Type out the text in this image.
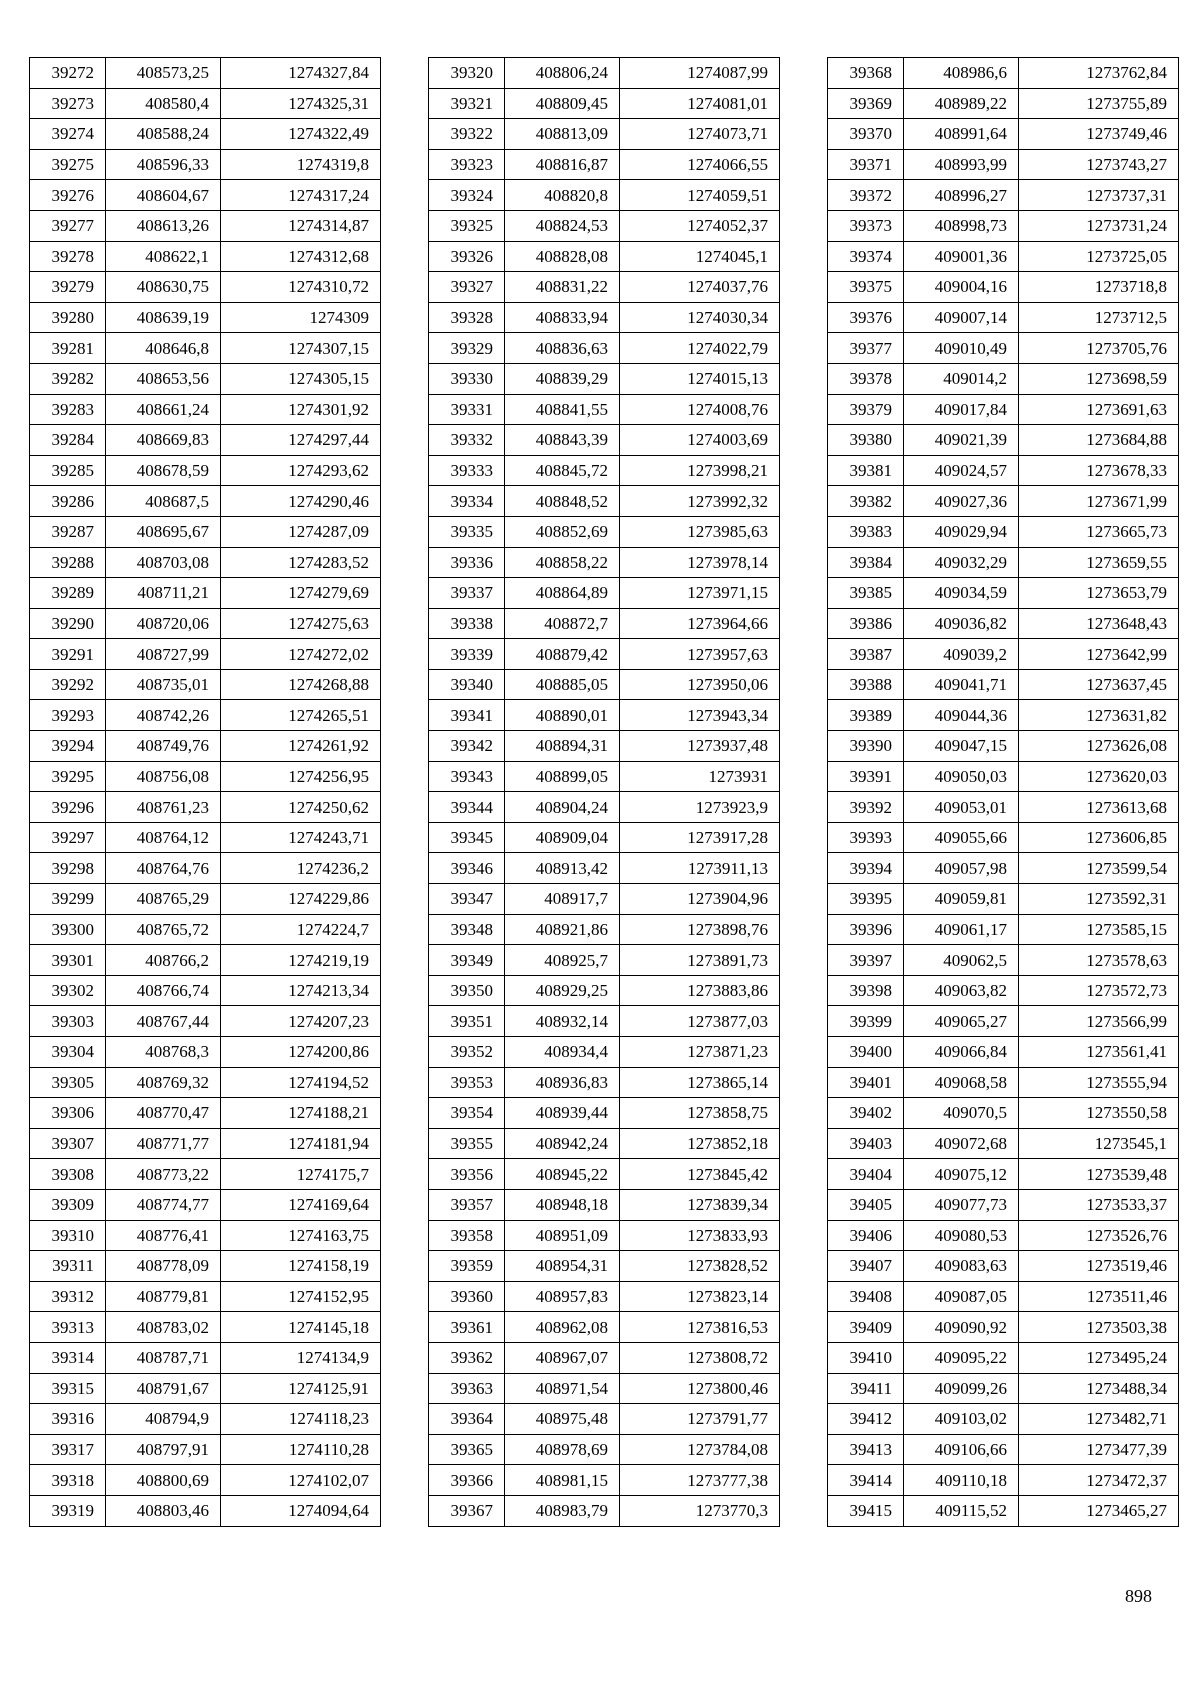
39272	408573,25	1274327,84
39273	408580,4	1274325,31
39274	408588,24	1274322,49
39275	408596,33	1274319,8
39276	408604,67	1274317,24
39277	408613,26	1274314,87
39278	408622,1	1274312,68
39279	408630,75	1274310,72
39280	408639,19	1274309
39281	408646,8	1274307,15
39282	408653,56	1274305,15
39283	408661,24	1274301,92
39284	408669,83	1274297,44
39285	408678,59	1274293,62
39286	408687,5	1274290,46
39287	408695,67	1274287,09
39288	408703,08	1274283,52
39289	408711,21	1274279,69
39290	408720,06	1274275,63
39291	408727,99	1274272,02
39292	408735,01	1274268,88
39293	408742,26	1274265,51
39294	408749,76	1274261,92
39295	408756,08	1274256,95
39296	408761,23	1274250,62
39297	408764,12	1274243,71
39298	408764,76	1274236,2
39299	408765,29	1274229,86
39300	408765,72	1274224,7
39301	408766,2	1274219,19
39302	408766,74	1274213,34
39303	408767,44	1274207,23
39304	408768,3	1274200,86
39305	408769,32	1274194,52
39306	408770,47	1274188,21
39307	408771,77	1274181,94
39308	408773,22	1274175,7
39309	408774,77	1274169,64
39310	408776,41	1274163,75
39311	408778,09	1274158,19
39312	408779,81	1274152,95
39313	408783,02	1274145,18
39314	408787,71	1274134,9
39315	408791,67	1274125,91
39316	408794,9	1274118,23
39317	408797,91	1274110,28
39318	408800,69	1274102,07
39319	408803,46	1274094,64
39320	408806,24	1274087,99
39321	408809,45	1274081,01
39322	408813,09	1274073,71
39323	408816,87	1274066,55
39324	408820,8	1274059,51
39325	408824,53	1274052,37
39326	408828,08	1274045,1
39327	408831,22	1274037,76
39328	408833,94	1274030,34
39329	408836,63	1274022,79
39330	408839,29	1274015,13
39331	408841,55	1274008,76
39332	408843,39	1274003,69
39333	408845,72	1273998,21
39334	408848,52	1273992,32
39335	408852,69	1273985,63
39336	408858,22	1273978,14
39337	408864,89	1273971,15
39338	408872,7	1273964,66
39339	408879,42	1273957,63
39340	408885,05	1273950,06
39341	408890,01	1273943,34
39342	408894,31	1273937,48
39343	408899,05	1273931
39344	408904,24	1273923,9
39345	408909,04	1273917,28
39346	408913,42	1273911,13
39347	408917,7	1273904,96
39348	408921,86	1273898,76
39349	408925,7	1273891,73
39350	408929,25	1273883,86
39351	408932,14	1273877,03
39352	408934,4	1273871,23
39353	408936,83	1273865,14
39354	408939,44	1273858,75
39355	408942,24	1273852,18
39356	408945,22	1273845,42
39357	408948,18	1273839,34
39358	408951,09	1273833,93
39359	408954,31	1273828,52
39360	408957,83	1273823,14
39361	408962,08	1273816,53
39362	408967,07	1273808,72
39363	408971,54	1273800,46
39364	408975,48	1273791,77
39365	408978,69	1273784,08
39366	408981,15	1273777,38
39367	408983,79	1273770,3
39368	408986,6	1273762,84
39369	408989,22	1273755,89
39370	408991,64	1273749,46
39371	408993,99	1273743,27
39372	408996,27	1273737,31
39373	408998,73	1273731,24
39374	409001,36	1273725,05
39375	409004,16	1273718,8
39376	409007,14	1273712,5
39377	409010,49	1273705,76
39378	409014,2	1273698,59
39379	409017,84	1273691,63
39380	409021,39	1273684,88
39381	409024,57	1273678,33
39382	409027,36	1273671,99
39383	409029,94	1273665,73
39384	409032,29	1273659,55
39385	409034,59	1273653,79
39386	409036,82	1273648,43
39387	409039,2	1273642,99
39388	409041,71	1273637,45
39389	409044,36	1273631,82
39390	409047,15	1273626,08
39391	409050,03	1273620,03
39392	409053,01	1273613,68
39393	409055,66	1273606,85
39394	409057,98	1273599,54
39395	409059,81	1273592,31
39396	409061,17	1273585,15
39397	409062,5	1273578,63
39398	409063,82	1273572,73
39399	409065,27	1273566,99
39400	409066,84	1273561,41
39401	409068,58	1273555,94
39402	409070,5	1273550,58
39403	409072,68	1273545,1
39404	409075,12	1273539,48
39405	409077,73	1273533,37
39406	409080,53	1273526,76
39407	409083,63	1273519,46
39408	409087,05	1273511,46
39409	409090,92	1273503,38
39410	409095,22	1273495,24
39411	409099,26	1273488,34
39412	409103,02	1273482,71
39413	409106,66	1273477,39
39414	409110,18	1273472,37
39415	409115,52	1273465,27
898
